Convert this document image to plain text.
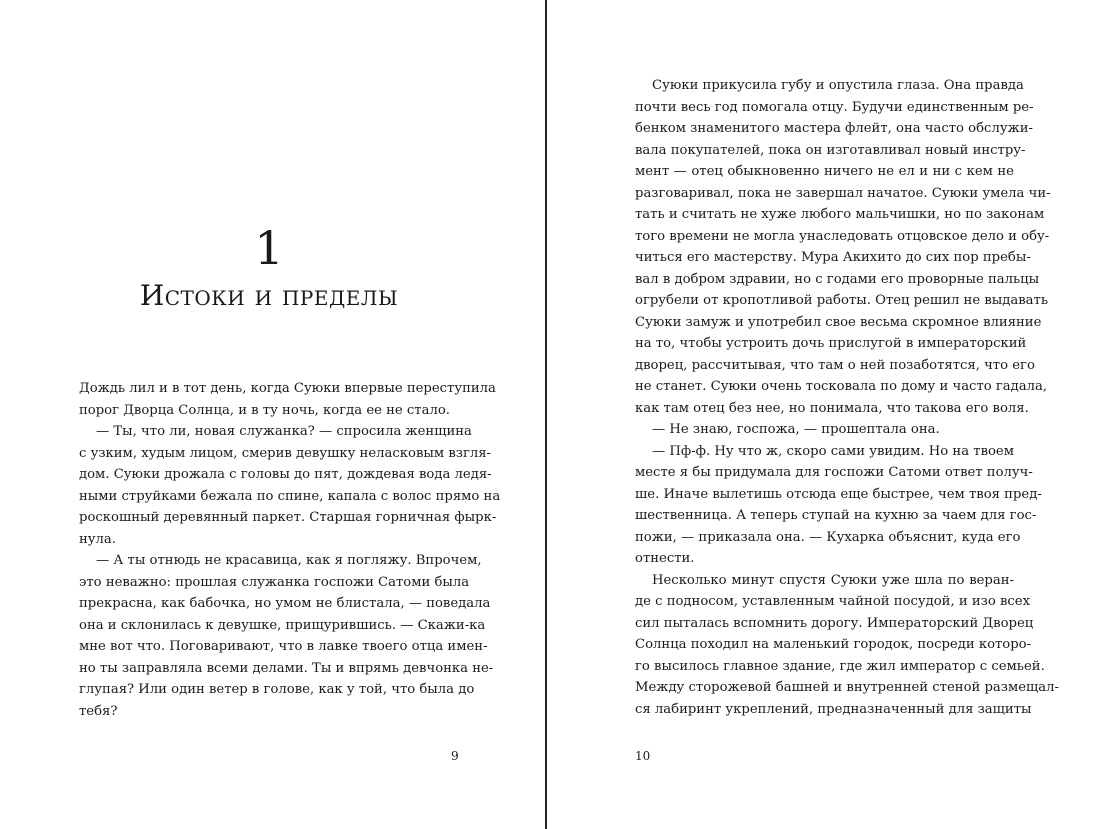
1
Истоки и пределы
Дождь лил и в тот день, когда Суюки впервые переступила
порог Дворца Солнца, и в ту ночь, когда ее не стало.
— Ты, что ли, новая служанка? — спросила женщина
с узким, худым лицом, смерив девушку неласковым взгля-
дом. Суюки дрожала с головы до пят, дождевая вода ледя-
ными струйками бежала по спине, капала с волос прямо на
роскошный деревянный паркет. Старшая горничная фырк-
нула.
— А ты отнюдь не красавица, как я погляжу. Впрочем,
это неважно: прошлая служанка госпожи Сатоми была
прекрасна, как бабочка, но умом не блистала, — поведала
она и склонилась к девушке, прищурившись. — Скажи-ка
мне вот что. Поговаривают, что в лавке твоего отца имен-
но ты заправляла всеми делами. Ты и впрямь девчонка не-
глупая? Или один ветер в голове, как у той, что была до
тебя?
9
Суюки прикусила губу и опустила глаза. Она правда
почти весь год помогала отцу. Будучи единственным ре-
бенком знаменитого мастера флейт, она часто обслужи-
вала покупателей, пока он изготавливал новый инстру-
мент — отец обыкновенно ничего не ел и ни с кем не
разговаривал, пока не завершал начатое. Суюки умела чи-
тать и считать не хуже любого мальчишки, но по законам
того времени не могла унаследовать отцовское дело и обу-
читься его мастерству. Мура Акихито до сих пор пребы-
вал в добром здравии, но с годами его проворные пальцы
огрубели от кропотливой работы. Отец решил не выдавать
Суюки замуж и употребил свое весьма скромное влияние
на то, чтобы устроить дочь прислугой в императорский
дворец, рассчитывая, что там о ней позаботятся, что его
не станет. Суюки очень тосковала по дому и часто гадала,
как там отец без нее, но понимала, что такова его воля.
— Не знаю, госпожа, — прошептала она.
— Пф-ф. Ну что ж, скоро сами увидим. Но на твоем
месте я бы придумала для госпожи Сатоми ответ получ-
ше. Иначе вылетишь отсюда еще быстрее, чем твоя пред-
шественница. А теперь ступай на кухню за чаем для гос-
пожи, — приказала она. — Кухарка объяснит, куда его
отнести.
Несколько минут спустя Суюки уже шла по веран-
де с подносом, уставленным чайной посудой, и изо всех
сил пыталась вспомнить дорогу. Императорский Дворец
Солнца походил на маленький городок, посреди которо-
го высилось главное здание, где жил император с семьей.
Между сторожевой башней и внутренней стеной размещал-
ся лабиринт укреплений, предназначенный для защиты
10
